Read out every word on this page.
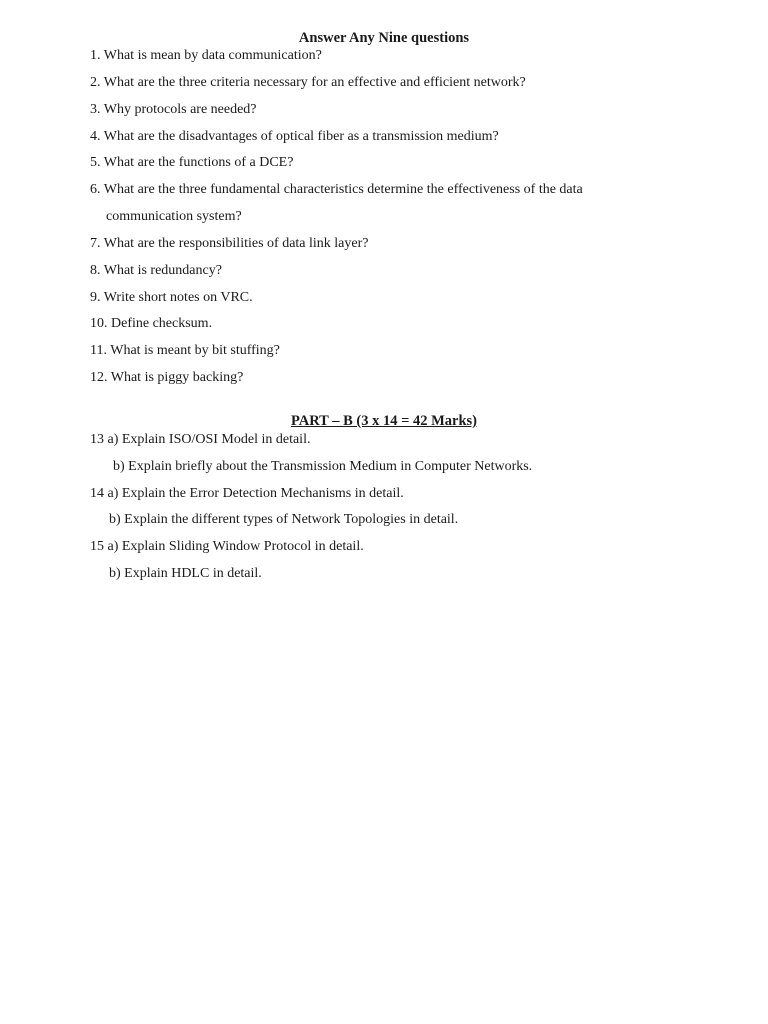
Answer Any Nine questions
1. What is mean by data communication?
2. What are the three criteria necessary for an effective and efficient network?
3. Why protocols are needed?
4. What are the disadvantages of optical fiber as a transmission medium?
5. What are the functions of a DCE?
6. What are the three fundamental characteristics determine the effectiveness of the data
communication system?
7. What are the responsibilities of data link layer?
8. What is redundancy?
9. Write short notes on VRC.
10. Define checksum.
11. What is meant by bit stuffing?
12. What is piggy backing?
PART – B (3 x 14 = 42 Marks)
13 a) Explain ISO/OSI Model in detail.
b) Explain briefly about the Transmission Medium in Computer Networks.
14 a) Explain the Error Detection Mechanisms in detail.
b) Explain the different types of Network Topologies in detail.
15 a) Explain Sliding Window Protocol in detail.
b) Explain HDLC in detail.
